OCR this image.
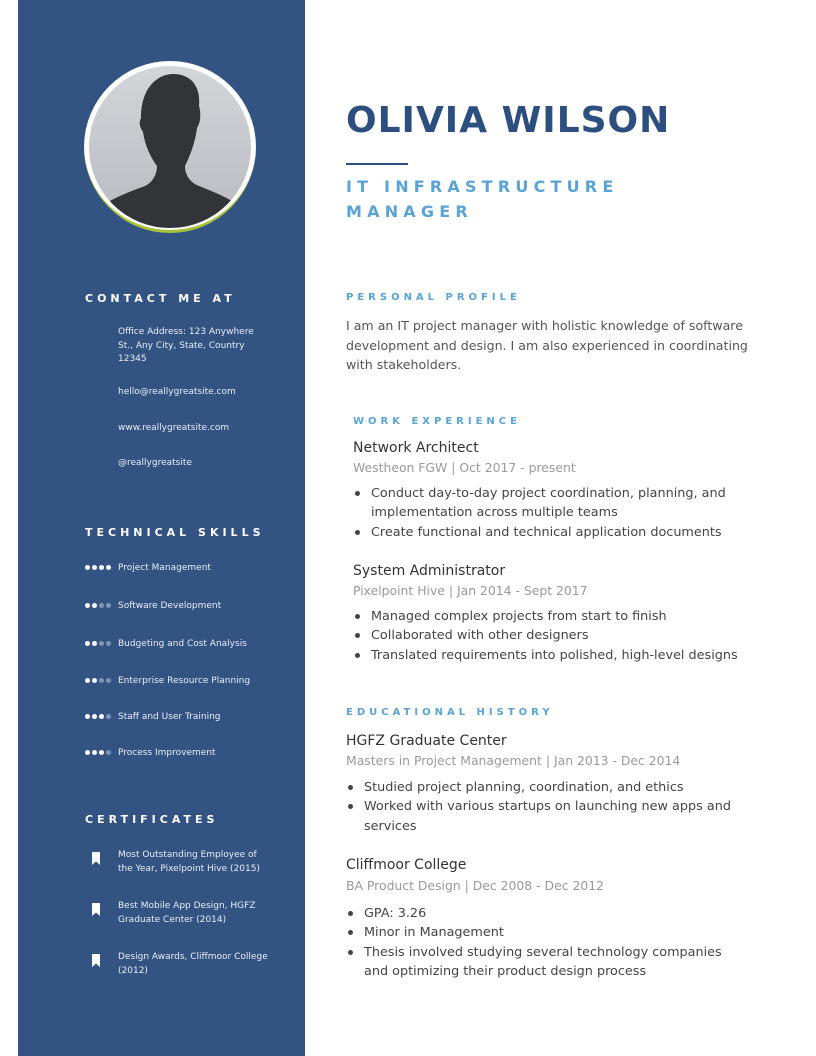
CONTACT ME AT
Office Address: 123 Anywhere St., Any City, State, Country 12345
hello@reallygreatsite.com
www.reallygreatsite.com
@reallygreatsite
TECHNICAL SKILLS
Project Management
Software Development
Budgeting and Cost Analysis
Enterprise Resource Planning
Staff and User Training
Process Improvement
CERTIFICATES
Most Outstanding Employee of the Year, Pixelpoint Hive (2015)
Best Mobile App Design, HGFZ Graduate Center (2014)
Design Awards, Cliffmoor College (2012)
OLIVIA WILSON
IT INFRASTRUCTURE MANAGER
PERSONAL PROFILE
I am an IT project manager with holistic knowledge of software development and design. I am also experienced in coordinating with stakeholders.
WORK EXPERIENCE
Network Architect
Westheon FGW | Oct 2017 - present
Conduct day-to-day project coordination, planning, and implementation across multiple teams
Create functional and technical application documents
System Administrator
Pixelpoint Hive | Jan 2014 - Sept 2017
Managed complex projects from start to finish
Collaborated with other designers
Translated requirements into polished, high-level designs
EDUCATIONAL HISTORY
HGFZ Graduate Center
Masters in Project Management | Jan 2013 - Dec 2014
Studied project planning, coordination, and ethics
Worked with various startups on launching new apps and services
Cliffmoor College
BA Product Design | Dec 2008 - Dec 2012
GPA: 3.26
Minor in Management
Thesis involved studying several technology companies and optimizing their product design process
